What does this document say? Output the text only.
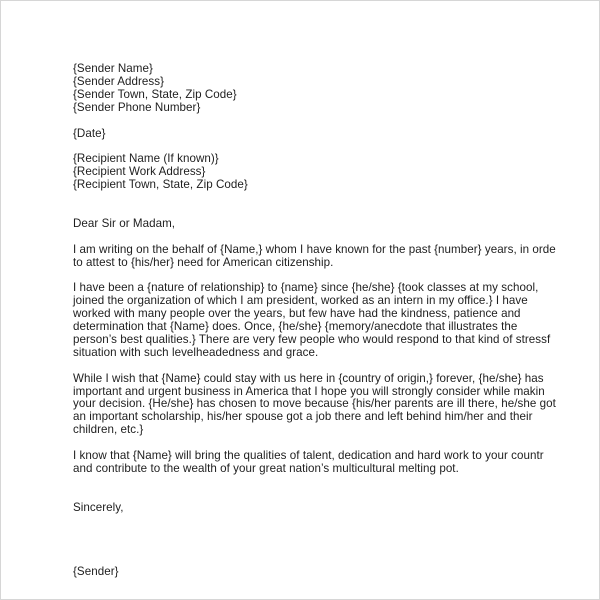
{Sender Name}
{Sender Address}
{Sender Town, State, Zip Code}
{Sender Phone Number}
{Date}
{Recipient Name (If known)}
{Recipient Work Address}
{Recipient Town, State, Zip Code}
Dear Sir or Madam,
I am writing on the behalf of {Name,} whom I have known for the past {number} years, in orde
to attest to {his/her} need for American citizenship.
I have been a {nature of relationship} to {name} since {he/she} {took classes at my school,
joined the organization of which I am president, worked as an intern in my office.} I have
worked with many people over the years, but few have had the kindness, patience and
determination that {Name} does. Once, {he/she} {memory/anecdote that illustrates the
person’s best qualities.} There are very few people who would respond to that kind of stressf
situation with such levelheadedness and grace.
While I wish that {Name} could stay with us here in {country of origin,} forever, {he/she} has
important and urgent business in America that I hope you will strongly consider while makin
your decision. {He/she} has chosen to move because {his/her parents are ill there, he/she got
an important scholarship, his/her spouse got a job there and left behind him/her and their
children, etc.}
I know that {Name} will bring the qualities of talent, dedication and hard work to your countr
and contribute to the wealth of your great nation’s multicultural melting pot.
Sincerely,
{Sender}
